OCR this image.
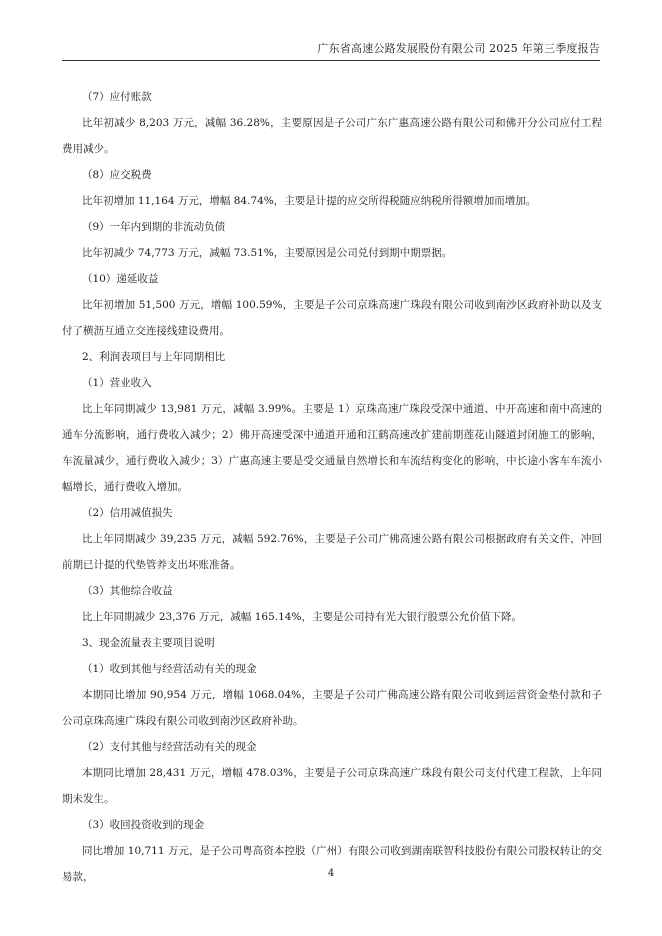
广东省高速公路发展股份有限公司 2025 年第三季度报告

（7）应付账款

比年初减少 8,203 万元，减幅 36.28%，主要原因是子公司广东广惠高速公路有限公司和佛开分公司应付工程费用减少。

（8）应交税费

比年初增加 11,164 万元，增幅 84.74%，主要是计提的应交所得税随应纳税所得额增加而增加。

（9）一年内到期的非流动负债

比年初减少 74,773 万元，减幅 73.51%，主要原因是公司兑付到期中期票据。

（10）递延收益

比年初增加 51,500 万元，增幅 100.59%，主要是子公司京珠高速广珠段有限公司收到南沙区政府补助以及支付了横沥互通立交连接线建设费用。

2、利润表项目与上年同期相比

（1）营业收入

比上年同期减少 13,981 万元，减幅 3.99%。主要是 1）京珠高速广珠段受深中通道、中开高速和南中高速的通车分流影响，通行费收入减少；2）佛开高速受深中通道开通和江鹤高速改扩建前期莲花山隧道封闭施工的影响，车流量减少，通行费收入减少；3）广惠高速主要是受交通量自然增长和车流结构变化的影响，中长途小客车车流小幅增长，通行费收入增加。

（2）信用减值损失

比上年同期减少 39,235 万元，减幅 592.76%，主要是子公司广佛高速公路有限公司根据政府有关文件，冲回前期已计提的代垫管养支出坏账准备。

（3）其他综合收益

比上年同期减少 23,376 万元，减幅 165.14%，主要是公司持有光大银行股票公允价值下降。

3、现金流量表主要项目说明

（1）收到其他与经营活动有关的现金

本期同比增加 90,954 万元，增幅 1068.04%，主要是子公司广佛高速公路有限公司收到运营资金垫付款和子公司京珠高速广珠段有限公司收到南沙区政府补助。

（2）支付其他与经营活动有关的现金

本期同比增加 28,431 万元，增幅 478.03%，主要是子公司京珠高速广珠段有限公司支付代建工程款，上年同期未发生。

（3）收回投资收到的现金

同比增加 10,711 万元，是子公司粤高资本控股（广州）有限公司收到湖南联智科技股份有限公司股权转让的交易款，	4
